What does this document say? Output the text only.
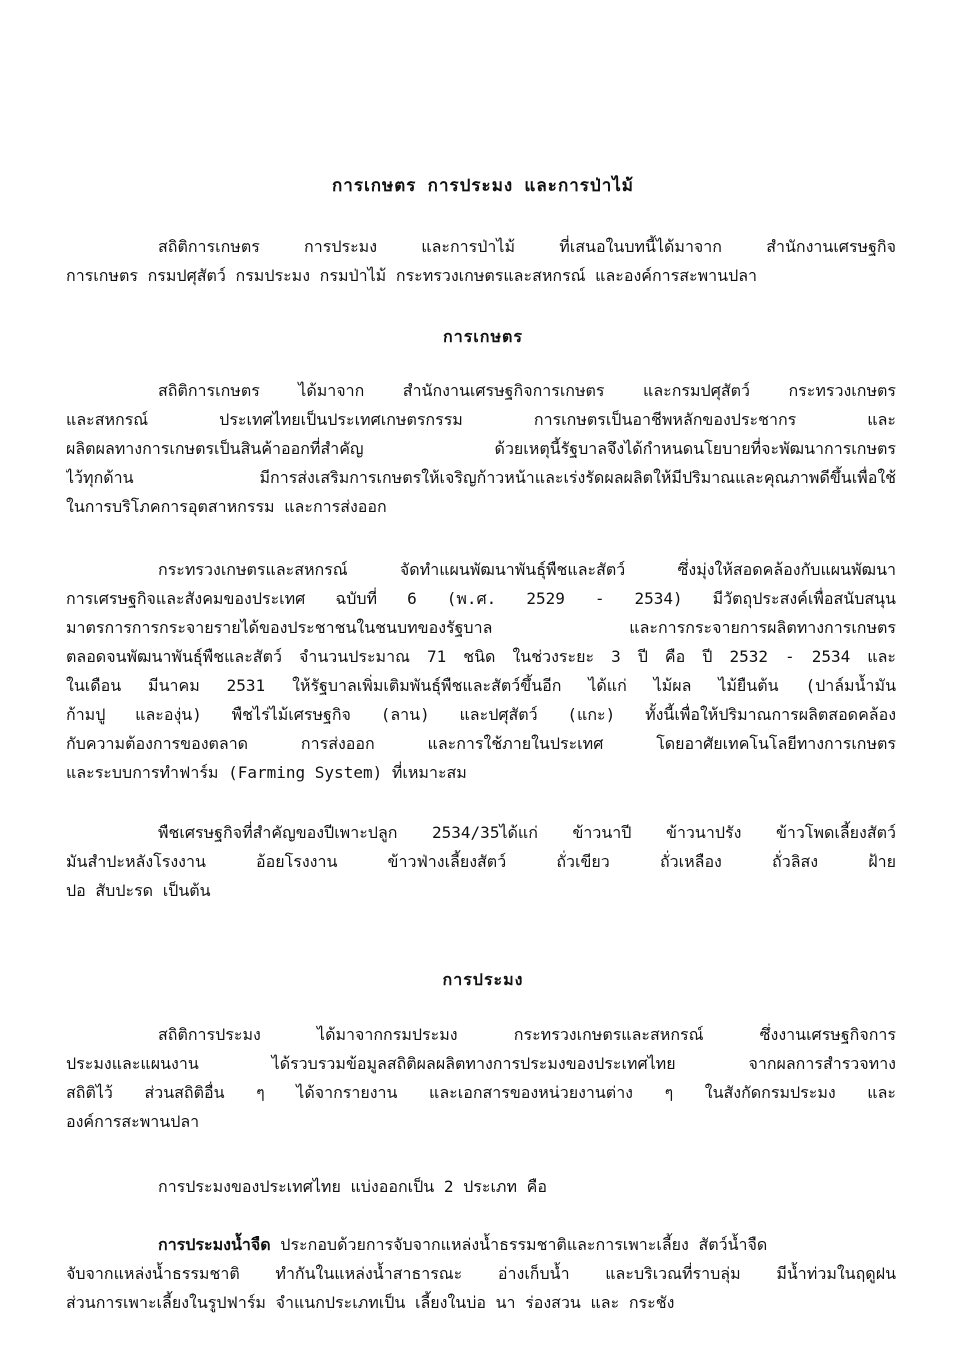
การเกษตร การประมง และการป่าไม้
สถิติการเกษตร การประมง และการป่าไม้ ที่เสนอในบทนี้ได้มาจาก สำนักงานเศรษฐกิจ
การเกษตร กรมปศุสัตว์ กรมประมง กรมป่าไม้ กระทรวงเกษตรและสหกรณ์ และองค์การสะพานปลา
การเกษตร
สถิติการเกษตร ได้มาจาก สำนักงานเศรษฐกิจการเกษตร และกรมปศุสัตว์ กระทรวงเกษตร
และสหกรณ์ ประเทศไทยเป็นประเทศเกษตรกรรม การเกษตรเป็นอาชีพหลักของประชากร และ
ผลิตผลทางการเกษตรเป็นสินค้าออกที่สำคัญ ด้วยเหตุนี้รัฐบาลจึงได้กำหนดนโยบายที่จะพัฒนาการเกษตร
ไว้ทุกด้าน มีการส่งเสริมการเกษตรให้เจริญก้าวหน้าและเร่งรัดผลผลิตให้มีปริมาณและคุณภาพดีขึ้นเพื่อใช้
ในการบริโภคการอุตสาหกรรม และการส่งออก
กระทรวงเกษตรและสหกรณ์ จัดทำแผนพัฒนาพันธุ์พืชและสัตว์ ซึ่งมุ่งให้สอดคล้องกับแผนพัฒนา
การเศรษฐกิจและสังคมของประเทศ ฉบับที่ 6 (พ.ศ. 2529 - 2534) มีวัตถุประสงค์เพื่อสนับสนุน
มาตรการการกระจายรายได้ของประชาชนในชนบทของรัฐบาล และการกระจายการผลิตทางการเกษตร
ตลอดจนพัฒนาพันธุ์พืชและสัตว์ จำนวนประมาณ 71 ชนิด ในช่วงระยะ 3 ปี คือ ปี 2532 - 2534 และ
ในเดือน มีนาคม 2531 ให้รัฐบาลเพิ่มเติมพันธุ์พืชและสัตว์ขึ้นอีก ได้แก่ ไม้ผล ไม้ยืนต้น (ปาล์มน้ำมัน
ก้ามปู และองุ่น) พืชไร่ไม้เศรษฐกิจ (ลาน) และปศุสัตว์ (แกะ) ทั้งนี้เพื่อให้ปริมาณการผลิตสอดคล้อง
กับความต้องการของตลาด การส่งออก และการใช้ภายในประเทศ โดยอาศัยเทคโนโลยีทางการเกษตร
และระบบการทำฟาร์ม (Farming System) ที่เหมาะสม
พืชเศรษฐกิจที่สำคัญของปีเพาะปลูก 2534/35ได้แก่ ข้าวนาปี ข้าวนาปรัง ข้าวโพดเลี้ยงสัตว์
มันสำปะหลังโรงงาน อ้อยโรงงาน ข้าวฟ่างเลี้ยงสัตว์ ถั่วเขียว ถั่วเหลือง ถั่วลิสง ฝ้าย
ปอ สับปะรด เป็นต้น
การประมง
สถิติการประมง ได้มาจากกรมประมง กระทรวงเกษตรและสหกรณ์ ซึ่งงานเศรษฐกิจการ
ประมงและแผนงาน ได้รวบรวมข้อมูลสถิติผลผลิตทางการประมงของประเทศไทย จากผลการสำรวจทาง
สถิติไว้ ส่วนสถิติอื่น ๆ ได้จากรายงาน และเอกสารของหน่วยงานต่าง ๆ ในสังกัดกรมประมง และ
องค์การสะพานปลา
การประมงของประเทศไทย แบ่งออกเป็น 2 ประเภท คือ
การประมงน้ำจืด ประกอบด้วยการจับจากแหล่งน้ำธรรมชาติและการเพาะเลี้ยง สัตว์น้ำจืด
จับจากแหล่งน้ำธรรมชาติ ทำกันในแหล่งน้ำสาธารณะ อ่างเก็บน้ำ และบริเวณที่ราบลุ่ม มีน้ำท่วมในฤดูฝน
ส่วนการเพาะเลี้ยงในรูปฟาร์ม จำแนกประเภทเป็น เลี้ยงในบ่อ นา ร่องสวน และ กระชัง
